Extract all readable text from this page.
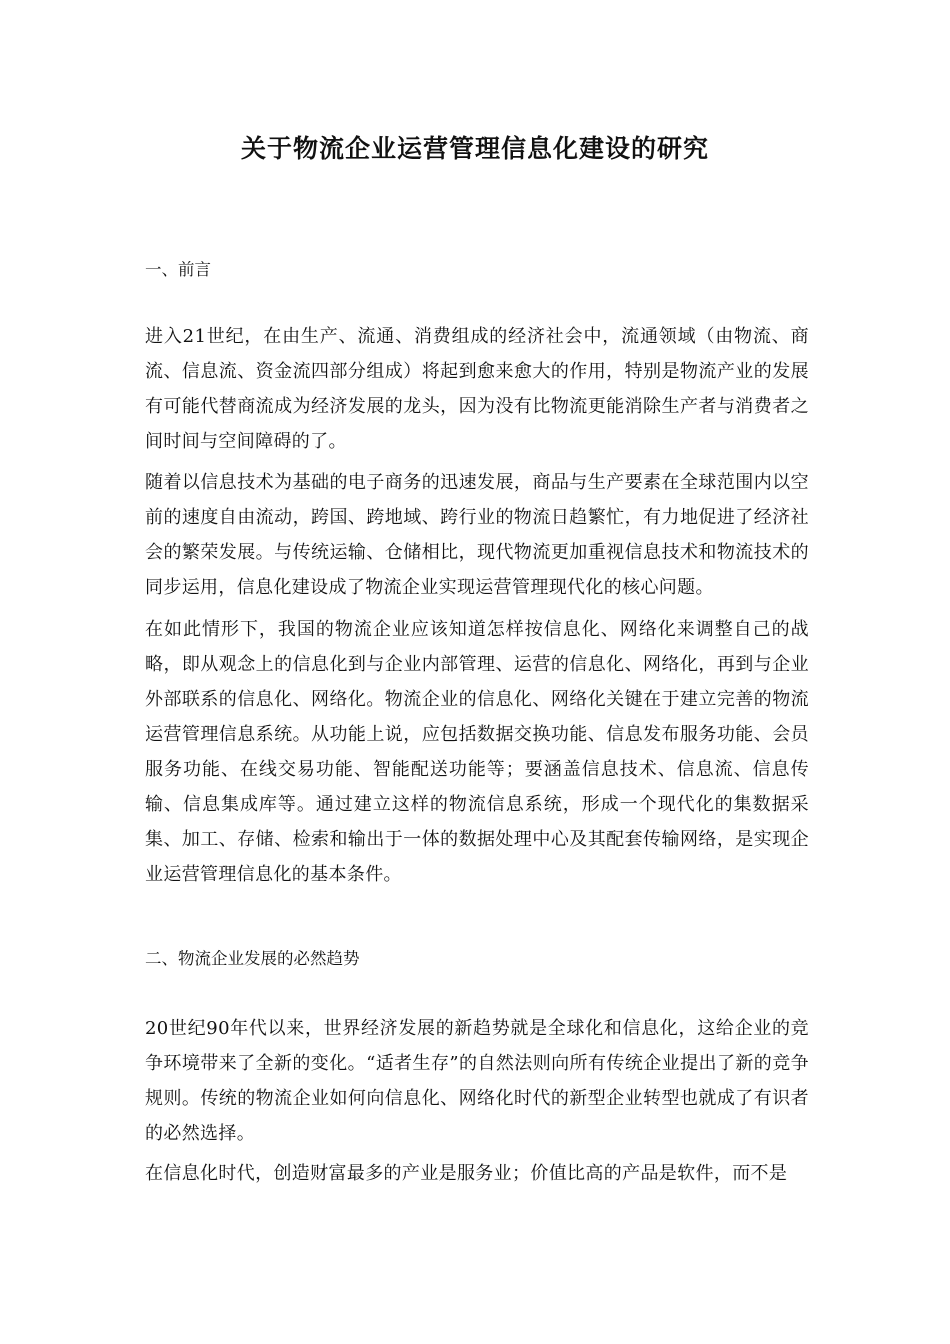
关于物流企业运营管理信息化建设的研究
一、前言

进入21世纪，在由生产、流通、消费组成的经济社会中，流通领域（由物流、商流、信息流、资金流四部分组成）将起到愈来愈大的作用，特别是物流产业的发展有可能代替商流成为经济发展的龙头，因为没有比物流更能消除生产者与消费者之间时间与空间障碍的了。

随着以信息技术为基础的电子商务的迅速发展，商品与生产要素在全球范围内以空前的速度自由流动，跨国、跨地域、跨行业的物流日趋繁忙，有力地促进了经济社会的繁荣发展。与传统运输、仓储相比，现代物流更加重视信息技术和物流技术的同步运用，信息化建设成了物流企业实现运营管理现代化的核心问题。

在如此情形下，我国的物流企业应该知道怎样按信息化、网络化来调整自己的战略，即从观念上的信息化到与企业内部管理、运营的信息化、网络化，再到与企业外部联系的信息化、网络化。物流企业的信息化、网络化关键在于建立完善的物流运营管理信息系统。从功能上说，应包括数据交换功能、信息发布服务功能、会员服务功能、在线交易功能、智能配送功能等；要涵盖信息技术、信息流、信息传输、信息集成库等。通过建立这样的物流信息系统，形成一个现代化的集数据采集、加工、存储、检索和输出于一体的数据处理中心及其配套传输网络，是实现企业运营管理信息化的基本条件。

二、物流企业发展的必然趋势

20世纪90年代以来，世界经济发展的新趋势就是全球化和信息化，这给企业的竞争环境带来了全新的变化。“适者生存”的自然法则向所有传统企业提出了新的竞争规则。传统的物流企业如何向信息化、网络化时代的新型企业转型也就成了有识者的必然选择。

在信息化时代，创造财富最多的产业是服务业；价值比高的产品是软件，而不是
